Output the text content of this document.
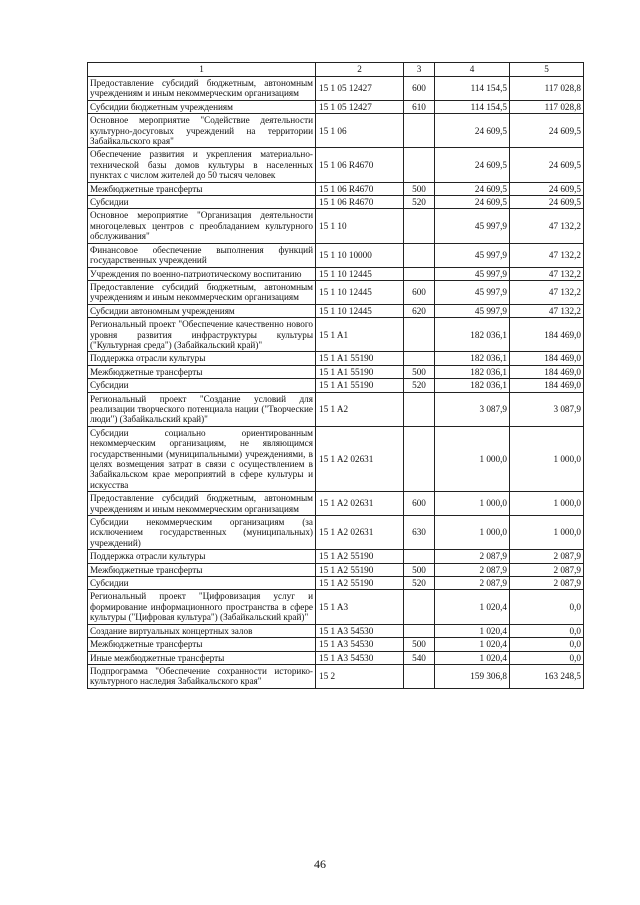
1	2	3	4	5
Предоставление субсидий бюджетным, автономным учреждениям и иным некоммерческим организациям	15 1 05 12427	600	114 154,5	117 028,8
Субсидии бюджетным учреждениям	15 1 05 12427	610	114 154,5	117 028,8
Основное мероприятие "Содействие деятельности культурно-досуговых учреждений на территории Забайкальского края"	15 1 06		24 609,5	24 609,5
Обеспечение развития и укрепления материально-технической базы домов культуры в населенных пунктах с числом жителей до 50 тысяч человек	15 1 06 R4670		24 609,5	24 609,5
Межбюджетные трансферты	15 1 06 R4670	500	24 609,5	24 609,5
Субсидии	15 1 06 R4670	520	24 609,5	24 609,5
Основное мероприятие "Организация деятельности многоцелевых центров с преобладанием культурного обслуживания"	15 1 10		45 997,9	47 132,2
Финансовое обеспечение выполнения функций государственных учреждений	15 1 10 10000		45 997,9	47 132,2
Учреждения по военно-патриотическому воспитанию	15 1 10 12445		45 997,9	47 132,2
Предоставление субсидий бюджетным, автономным учреждениям и иным некоммерческим организациям	15 1 10 12445	600	45 997,9	47 132,2
Субсидии автономным учреждениям	15 1 10 12445	620	45 997,9	47 132,2
Региональный проект "Обеспечение качественно нового уровня развития инфраструктуры культуры ("Культурная среда") (Забайкальский край)"	15 1 A1		182 036,1	184 469,0
Поддержка отрасли культуры	15 1 A1 55190		182 036,1	184 469,0
Межбюджетные трансферты	15 1 A1 55190	500	182 036,1	184 469,0
Субсидии	15 1 A1 55190	520	182 036,1	184 469,0
Региональный проект "Создание условий для реализации творческого потенциала нации ("Творческие люди") (Забайкальский край)"	15 1 A2		3 087,9	3 087,9
Субсидии социально ориентированным некоммерческим организациям, не являющимся государственными (муниципальными) учреждениями, в целях возмещения затрат в связи с осуществлением в Забайкальском крае мероприятий в сфере культуры и искусства	15 1 A2 02631		1 000,0	1 000,0
Предоставление субсидий бюджетным, автономным учреждениям и иным некоммерческим организациям	15 1 A2 02631	600	1 000,0	1 000,0
Субсидии некоммерческим организациям (за исключением государственных (муниципальных) учреждений)	15 1 A2 02631	630	1 000,0	1 000,0
Поддержка отрасли культуры	15 1 A2 55190		2 087,9	2 087,9
Межбюджетные трансферты	15 1 A2 55190	500	2 087,9	2 087,9
Субсидии	15 1 A2 55190	520	2 087,9	2 087,9
Региональный проект "Цифровизация услуг и формирование информационного пространства в сфере культуры ("Цифровая культура") (Забайкальский край)"	15 1 A3		1 020,4	0,0
Создание виртуальных концертных залов	15 1 A3 54530		1 020,4	0,0
Межбюджетные трансферты	15 1 A3 54530	500	1 020,4	0,0
Иные межбюджетные трансферты	15 1 A3 54530	540	1 020,4	0,0
Подпрограмма "Обеспечение сохранности историко-культурного наследия Забайкальского края"	15 2		159 306,8	163 248,5
46
